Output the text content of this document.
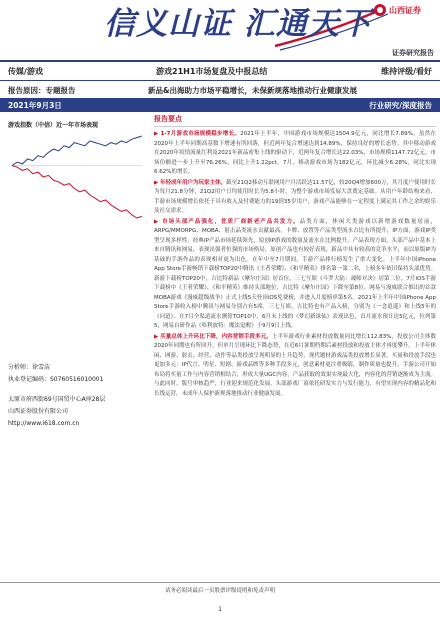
信义山证 汇通天下 山西证券
证券研究报告
传媒/游戏	游戏21H1市场复盘及中报总结	维持评级/看好
报告原因：专题报告	新品&出海助力市场平稳增长，未保新规落地推动行业健康发展
2021年9月3日	行业研究/深度报告
游戏指数（中信）近一年市场表现
分析师：徐雪洁
执业登记编码：S0760516010001
太原市府西街69号国贸中心A座28层
山西证券股份有限公司
http://www.i618.com.cn
报告要点

▶ 1-7月游戏市场规模稳步增长。2021年上半年，中国游戏市场规模达1504.9亿元，同比增长7.89%。虽然在2020年上半年同期高基数下增速有所回落，但近两年复合增速达到14.89%，保持良好的增长态势。其中移动游戏在2020年疫情流量红利及2021年新品密集上线的驱动下，近两年复合增长达22.03%，市场规模1147.72亿元。市场份额进一步上升至76.26%，同比上升1.22pct。7月，移动游戏市场为182亿元，环比减少6.28%，同比实现6.62%的增长。

▶ 年轻成年用户为玩家主体。截至21Q2移动互联网用户月活跃达11.57亿，较20Q4增加600万，其月度户使用时长为每月21.8分钟，21Q2用户日均使用时长为5.8小时，为整个游戏市场发展大盘奠定基础。从用户年龄结构来看，手游市场规模增长依托于具有收入及付费能力的19到35岁用户，游戏产品能够在一定程度上满足其工作之余的娱乐及社交需求。

▶ 市场头部产品强化，优质厂商新老产品共发力。品类方面，休闲大类游戏以新增游戏数量居前，ARPG/MMORPG、MOBA、射击品类流水贡献最高。卡牌、放置等产品类型流水占比有所提升，IP方面，游戏IP类型呈现多样性，经典IP产品市场延续领先，原创IP游戏的数量及流水在比例提升。产品表现方面，头部产品中基本上来自腾讯和网易，表现出强者恒强的市场格局，原创产品也有较好表现，新品中具有较高的竞争水平，而以原版IP为基础的手游作品的表现相对更为出色。在年中至7月期间，手游产品排行榜发生了重大变化。上半年中国iPhone App Store手游畅销下载榜TOP20中腾讯《王者荣耀》、《和平精英》排名第一第二名，上榜多年依旧保持头部优势。新游下载榜TOP20中，吉比特新品《摩尔庄园》居首位，三七互娱《斗罗大陆：魂师对决》居第二位。7月iOS手游下载榜中《王者荣耀》、《和平精英》维持头部地位，吉比特《摩尔庄园》下降至第8位。网易与漫威联合推出的首款MOBA游戏《漫威超级战争》正式上线5天登顶iOS免费榜，并进入月度榜单第5名。2021年上半年中国iPhone App Store手游收入榜中腾讯与网易分别占有5席，三七互娱、吉比特也有产品入榜，分别为《一念逍遥》和上线5年的《问道》。在7月全渠道流水测算TOP10中，6月末上线的《梦幻新诛仙》表现出色，首月流水预计达5亿元，位列第5，网易自研作品《哈利波特：魔法觉醒》于9月9日上线，

▶ 买量总体上升环比下降，内容营销手段多元。上半年游戏行业素材投放数量同比增长112.83%，投放公司主体数2020年同期也有所回升，但单月呈现环比下降态势，在近6月暑期档期后素材投放和投放主体才再度攀升。上半年休闲、网游、射击、经营、动作等品类投放呈现明显的上升趋势，现代题材游戏品类投放增长显著。买量和投放手段也更加多元：IP代言、明星、短剧、游戏品牌等多种手段多元，创意素材更注重吸睛，制作质量也提升。手游公司开始布局将买量工作与内容营销相结合，形成大量UGC内容，产品获取的效果实现最大化，内容化的营销逐渐成为主流。与此同时，版号审核趋严，行业迎来规范化发展，头部游戏厂商依托研发实力与发行能力，有望实现内容的精品化和长线运营，未成年人保护新规落地推动行业健康发展。

请务必阅读最后一页股票评级说明和免责声明
1
